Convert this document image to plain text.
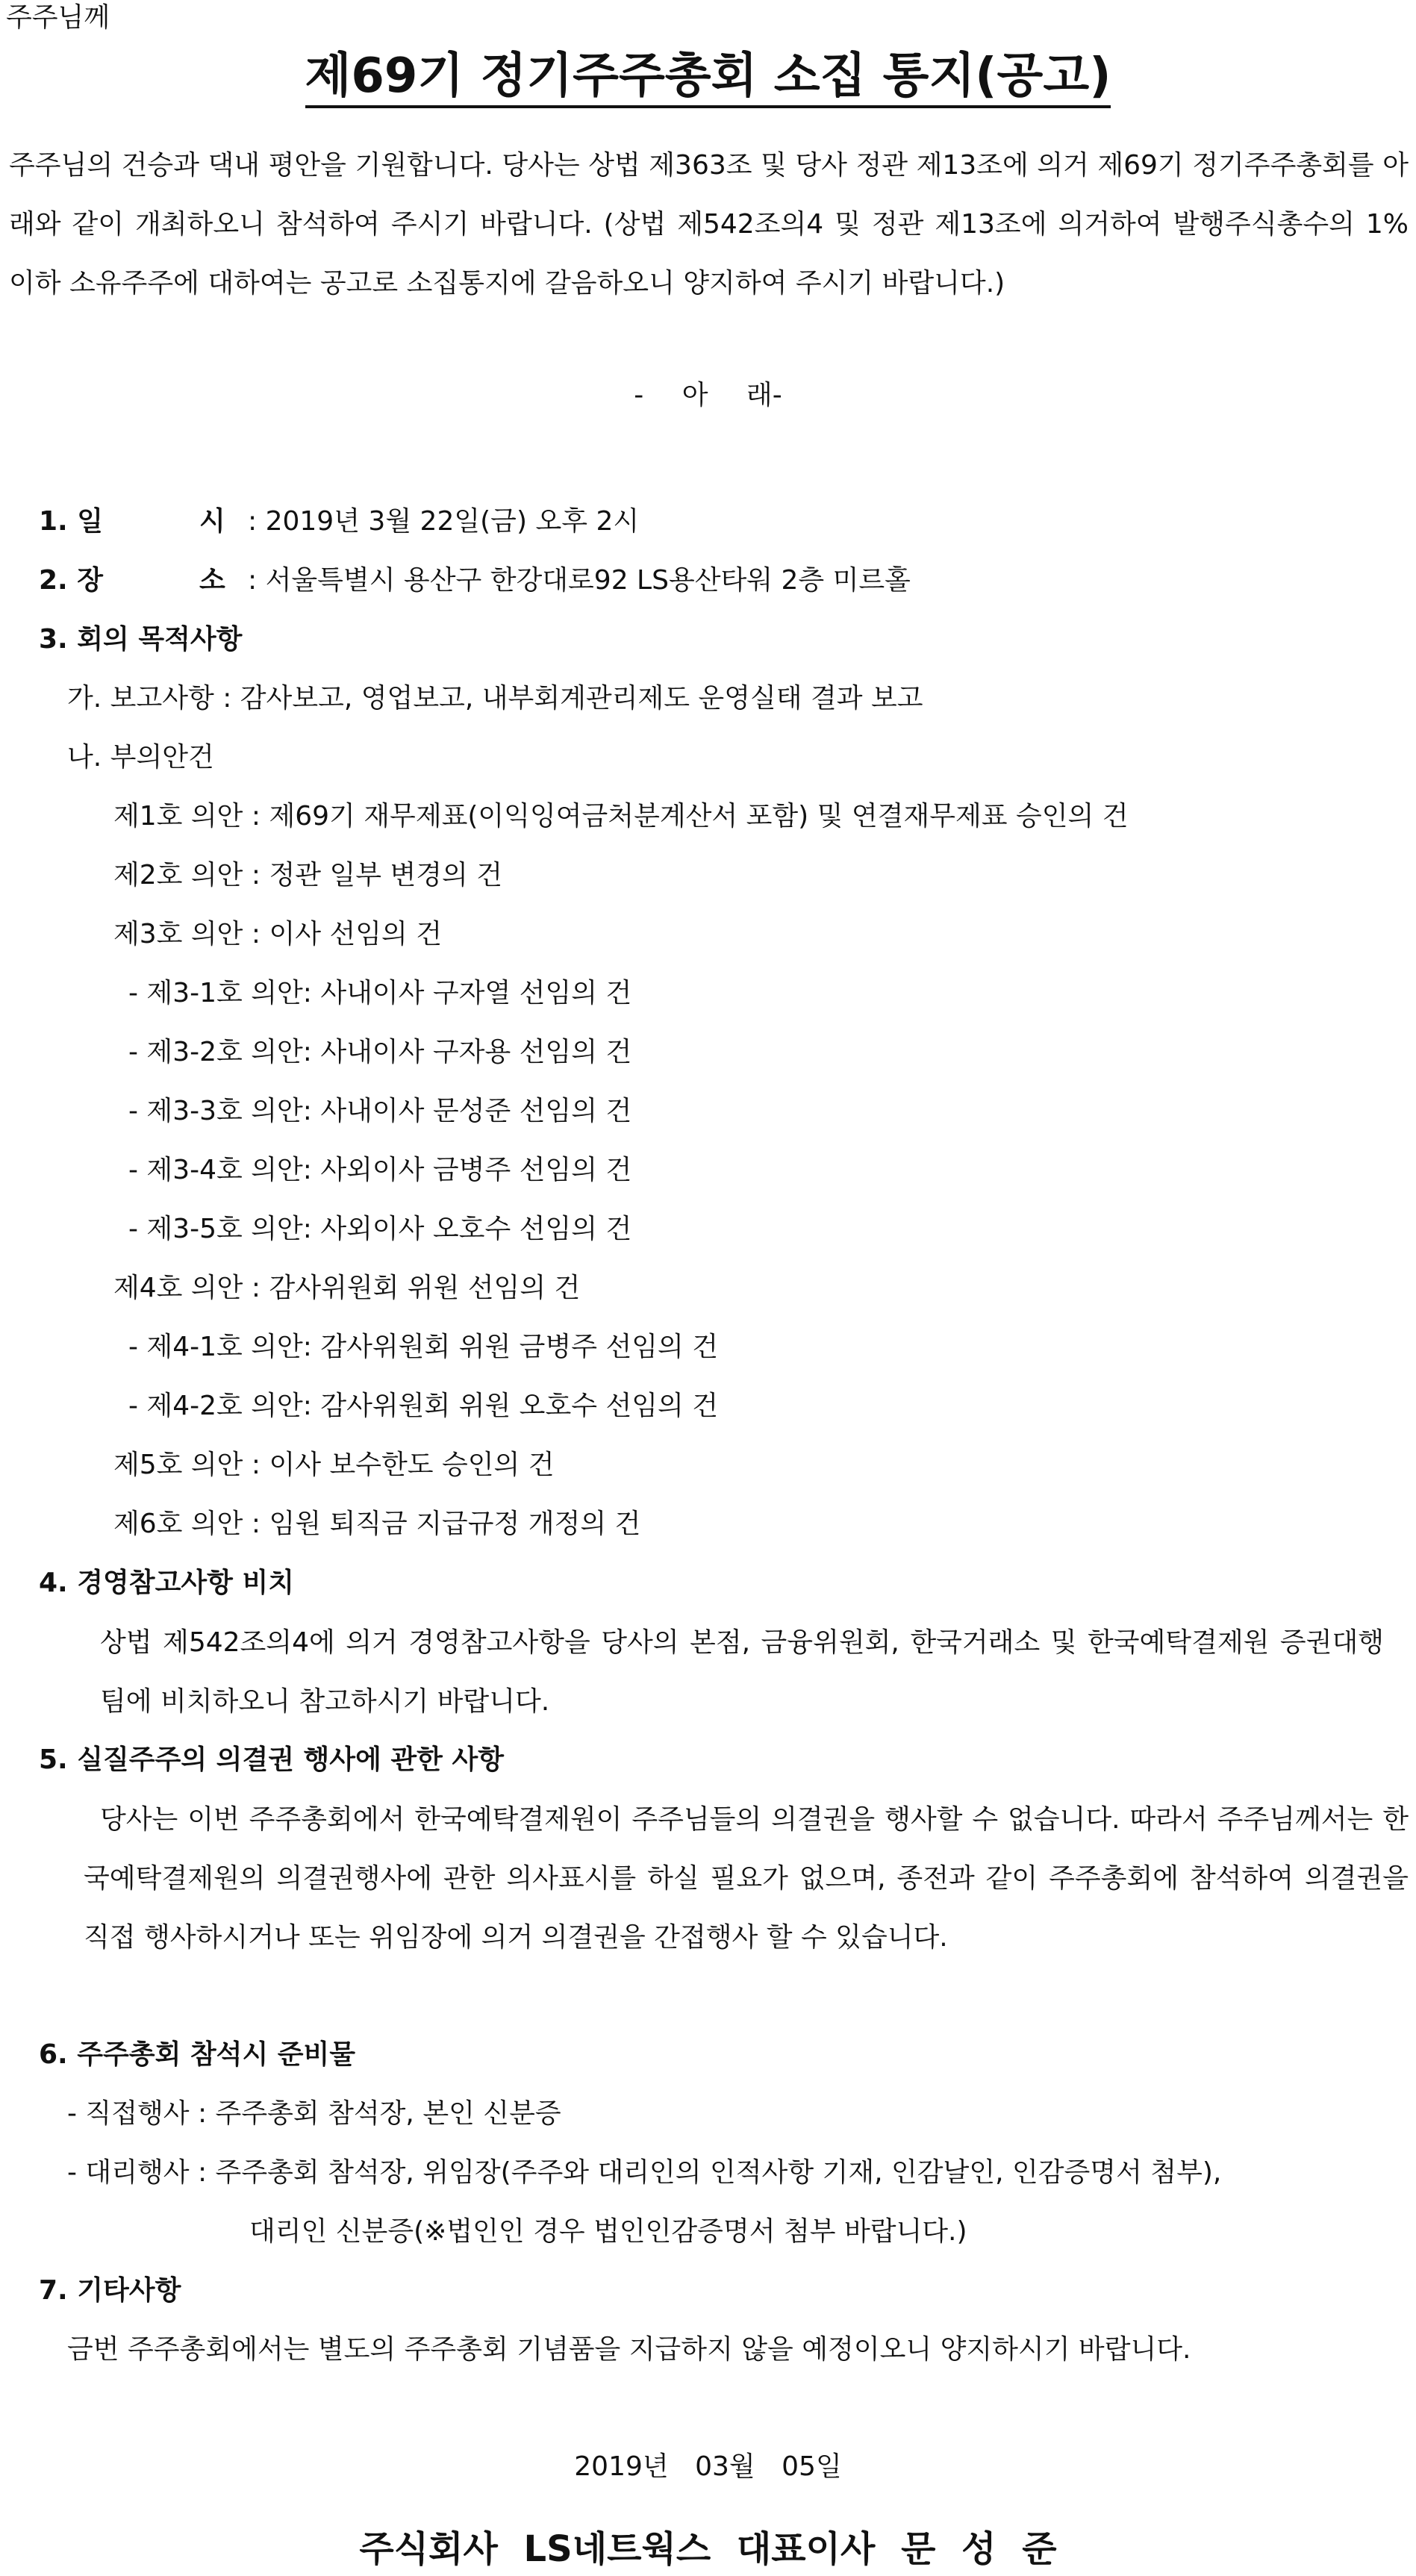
주주님께
제69기 정기주주총회 소집 통지(공고)

주주님의 건승과 댁내 평안을 기원합니다. 당사는 상법 제363조 및 당사 정관 제13조에 의거 제69기 정기주주총회를 아래와 같이 개최하오니 참석하여 주시기 바랍니다. (상법 제542조의4 및 정관 제13조에 의거하여 발행주식총수의 1% 이하 소유주주에 대하여는 공고로 소집통지에 갈음하오니 양지하여 주시기 바랍니다.)

- 아 래-
1. 일	시 : 2019년 3월 22일(금) 오후 2시
2. 장	소 : 서울특별시 용산구 한강대로92 LS용산타워 2층 미르홀
3. 회의 목적사항
가. 보고사항 : 감사보고, 영업보고, 내부회계관리제도 운영실태 결과 보고
나. 부의안건
제1호 의안 : 제69기 재무제표(이익잉여금처분계산서 포함) 및 연결재무제표 승인의 건
제2호 의안 : 정관 일부 변경의 건
제3호 의안 : 이사 선임의 건
- 제3-1호 의안: 사내이사 구자열 선임의 건
- 제3-2호 의안: 사내이사 구자용 선임의 건
- 제3-3호 의안: 사내이사 문성준 선임의 건
- 제3-4호 의안: 사외이사 금병주 선임의 건
- 제3-5호 의안: 사외이사 오호수 선임의 건
제4호 의안 : 감사위원회 위원 선임의 건
- 제4-1호 의안: 감사위원회 위원 금병주 선임의 건
- 제4-2호 의안: 감사위원회 위원 오호수 선임의 건
제5호 의안 : 이사 보수한도 승인의 건
제6호 의안 : 임원 퇴직금 지급규정 개정의 건
4. 경영참고사항 비치

상법 제542조의4에 의거 경영참고사항을 당사의 본점, 금융위원회, 한국거래소 및 한국예탁결제원 증권대행팀에 비치하오니 참고하시기 바랍니다.

5. 실질주주의 의결권 행사에 관한 사항

당사는 이번 주주총회에서 한국예탁결제원이 주주님들의 의결권을 행사할 수 없습니다. 따라서 주주님께서는 한국예탁결제원의 의결권행사에 관한 의사표시를 하실 필요가 없으며, 종전과 같이 주주총회에 참석하여 의결권을 직접 행사하시거나 또는 위임장에 의거 의결권을 간접행사 할 수 있습니다.

6. 주주총회 참석시 준비물
- 직접행사 : 주주총회 참석장, 본인 신분증
- 대리행사 : 주주총회 참석장, 위임장(주주와 대리인의 인적사항 기재, 인감날인, 인감증명서 첨부),
대리인 신분증(※법인인 경우 법인인감증명서 첨부 바랍니다.)
7. 기타사항
금번 주주총회에서는 별도의 주주총회 기념품을 지급하지 않을 예정이오니 양지하시기 바랍니다.
2019년 03월 05일
주식회사 LS네트웍스 대표이사 문 성 준
